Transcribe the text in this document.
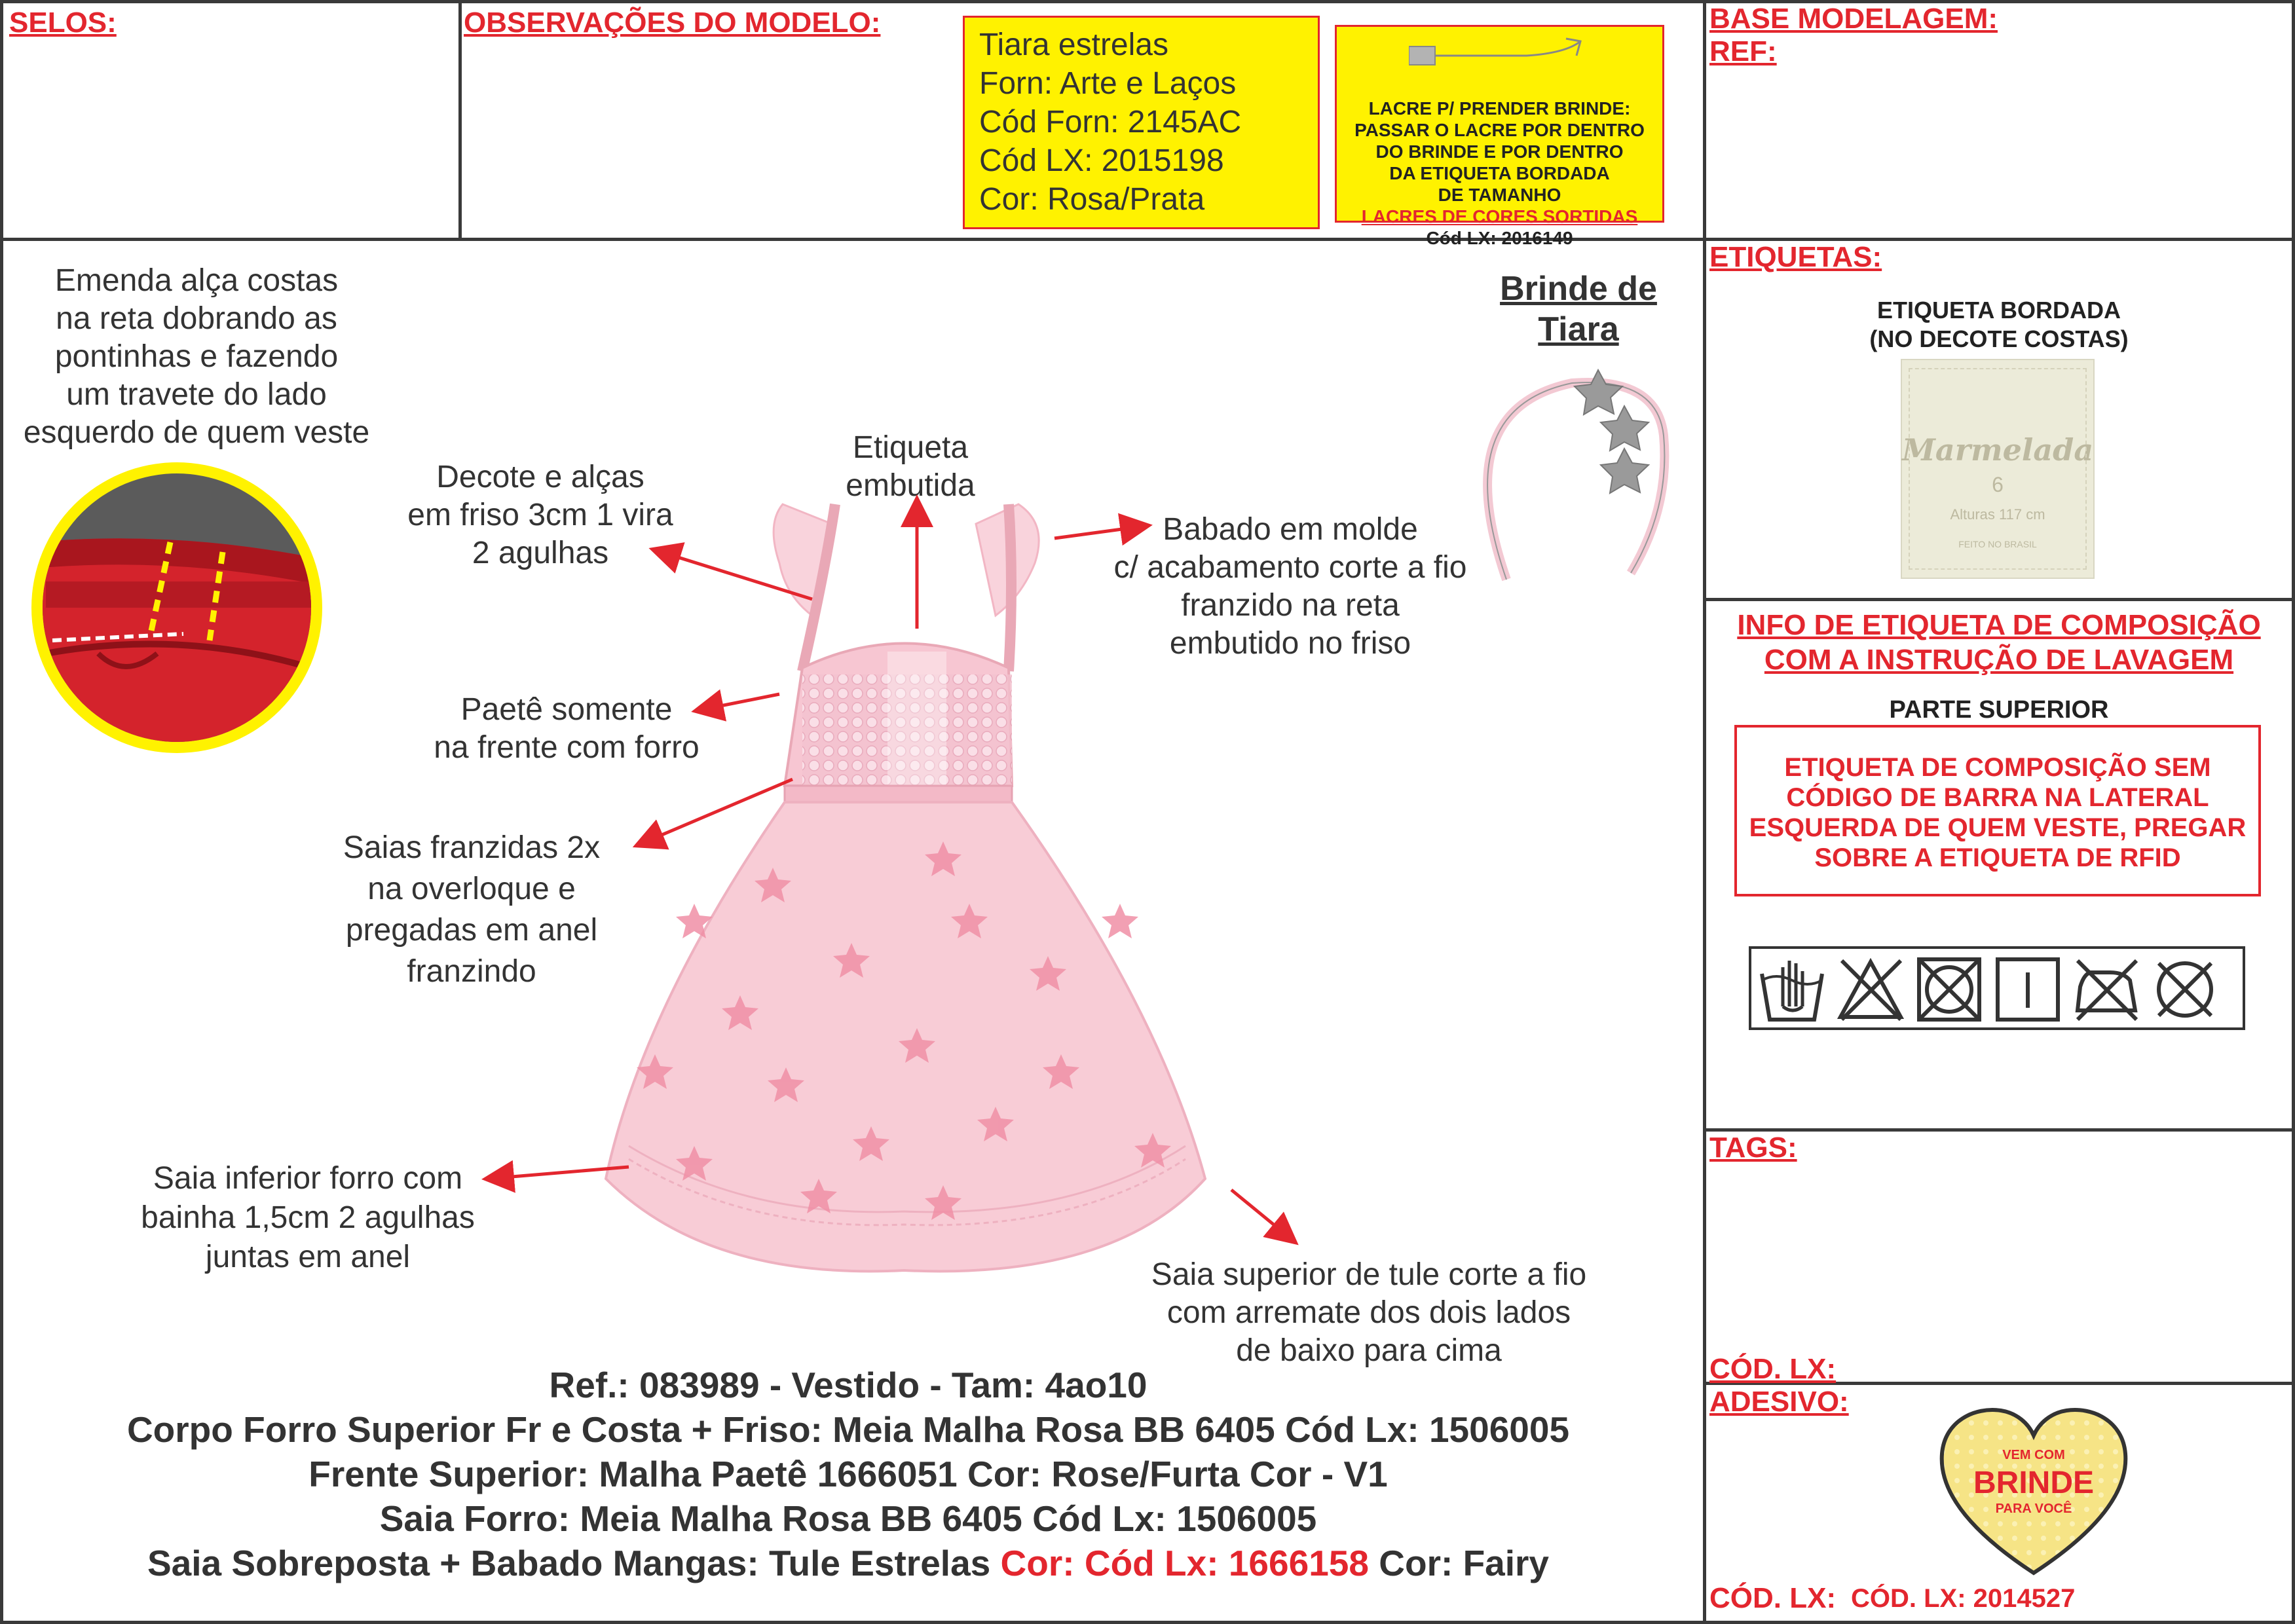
SELOS:	OBSERVAÇÕES DO MODELO:	BASE MODELAGEM:
REF:
Tiara estrelas
Forn: Arte e Laços
Cód Forn: 2145AC
Cód LX: 2015198
Cor: Rosa/Prata
LACRE P/ PRENDER BRINDE:
PASSAR O LACRE POR DENTRO
DO BRINDE E POR DENTRO
DA ETIQUETA BORDADA
DE TAMANHO
LACRES DE CORES SORTIDAS
Cód LX: 2016149
Emenda alça costas
na reta dobrando as
pontinhas e fazendo
um travete do lado
esquerdo de quem veste
Decote e alças
em friso 3cm 1 vira
2 agulhas
Etiqueta
embutida
Babado em molde
c/ acabamento corte a fio
franzido na reta
embutido no friso
Paetê somente
na frente com forro
Saias franzidas 2x
na overloque e
pregadas em anel
franzindo
Saia inferior forro com
bainha 1,5cm 2 agulhas
juntas em anel
Saia superior de tule corte a fio
com arremate dos dois lados
de baixo para cima
Brinde de
Tiara
Ref.: 083989 - Vestido - Tam: 4ao10
Corpo Forro Superior Fr e Costa + Friso: Meia Malha Rosa BB 6405 Cód Lx: 1506005
Frente Superior: Malha Paetê 1666051 Cor: Rose/Furta Cor - V1
Saia Forro: Meia Malha Rosa BB 6405 Cód Lx: 1506005
Saia Sobreposta + Babado Mangas: Tule Estrelas Cor: Cód Lx: 1666158 Cor: Fairy
ETIQUETAS:
ETIQUETA BORDADA
(NO DECOTE COSTAS)
Marmelada
6
Alturas 117 cm
FEITO NO BRASIL
INFO DE ETIQUETA DE COMPOSIÇÃO
COM A INSTRUÇÃO DE LAVAGEM
PARTE SUPERIOR
ETIQUETA DE COMPOSIÇÃO SEM
CÓDIGO DE BARRA NA LATERAL
ESQUERDA DE QUEM VESTE, PREGAR
SOBRE A ETIQUETA DE RFID
TAGS:
CÓD. LX:
ADESIVO:
VEM COM
BRINDE
PARA VOCÊ
CÓD. LX: CÓD. LX: 2014527
